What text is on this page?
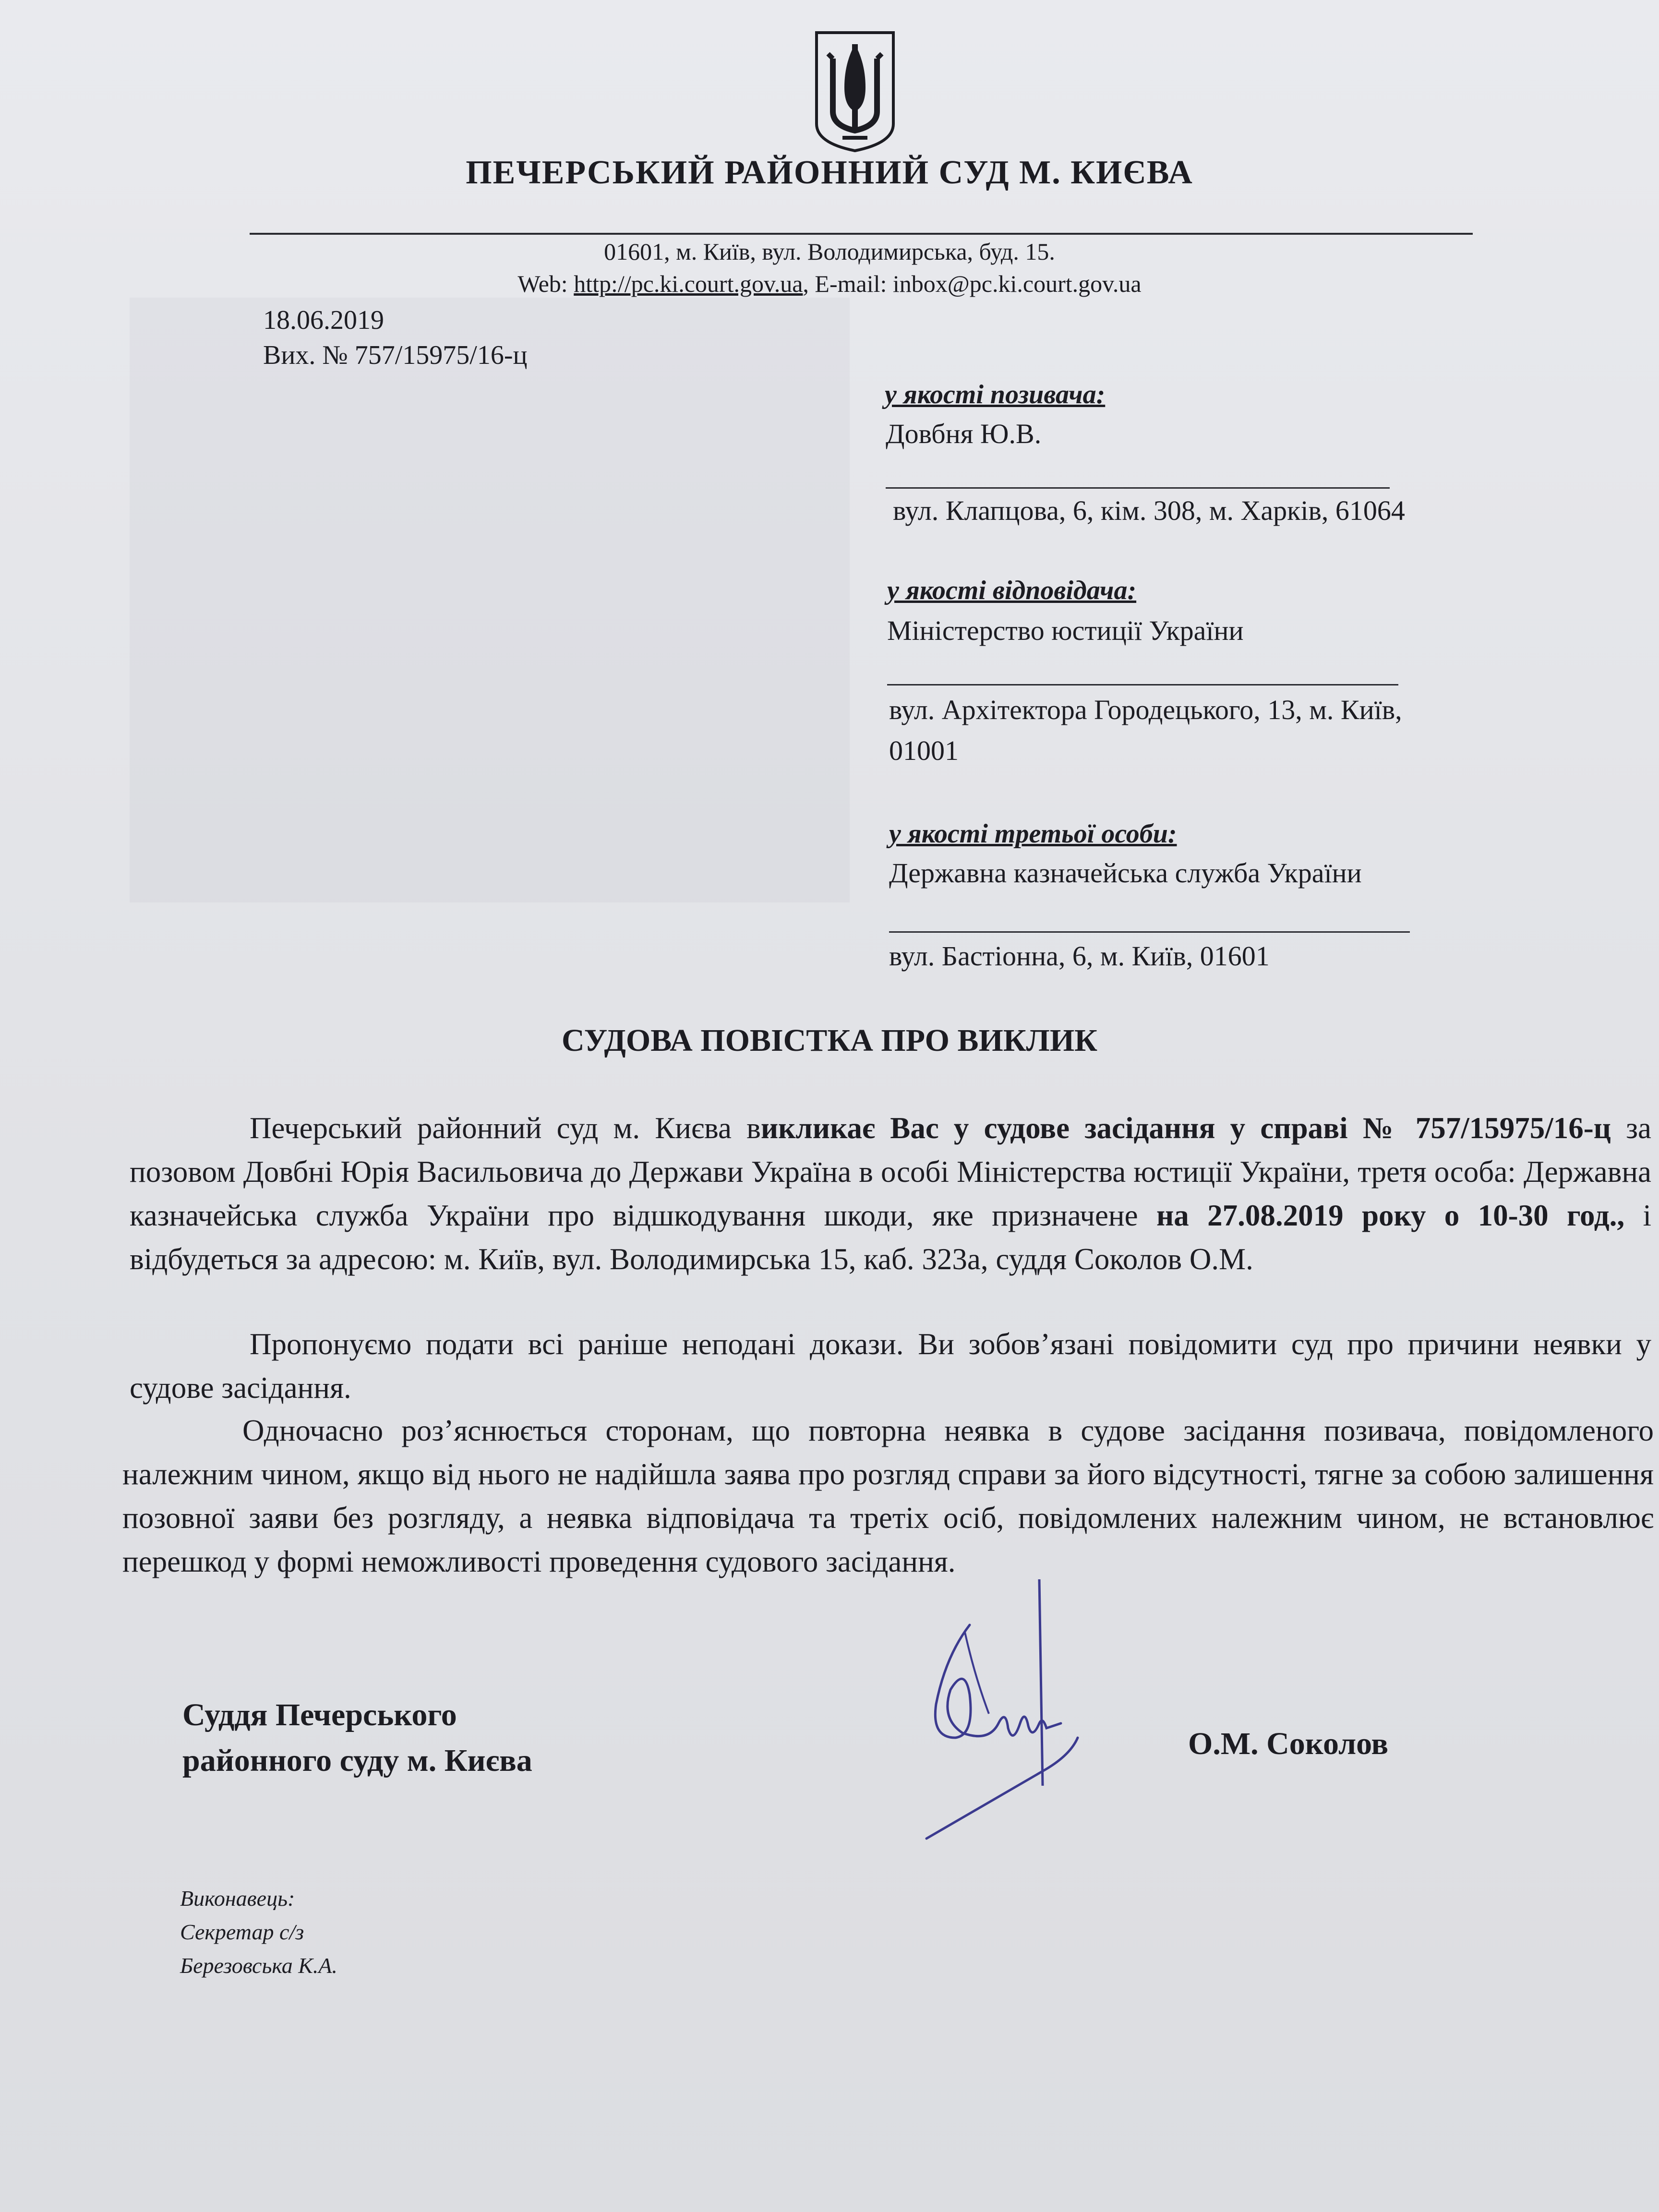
ПЕЧЕРСЬКИЙ РАЙОННИЙ СУД М. КИЄВА
01601, м. Київ, вул. Володимирська, буд. 15.
Web: http://pc.ki.court.gov.ua, E-mail: inbox@pc.ki.court.gov.ua
18.06.2019
Вих. № 757/15975/16-ц
у якості позивача:
Довбня Ю.В.
вул. Клапцова, 6, кім. 308, м. Харків, 61064
у якості відповідача:
Міністерство юстиції України
вул. Архітектора Городецького, 13, м. Київ,
01001
у якості третьої особи:
Державна казначейська служба України
вул. Бастіонна, 6, м. Київ, 01601
СУДОВА ПОВІСТКА ПРО ВИКЛИК
Печерський районний суд м. Києва викликає Вас у судове засідання у справі № 757/15975/16-ц за позовом Довбні Юрія Васильовича до Держави Україна в особі Міністерства юстиції України, третя особа: Державна казначейська служба України про відшкодування шкоди, яке призначене на 27.08.2019 року о 10-30 год., і відбудеться за адресою: м. Київ, вул. Володимирська 15, каб. 323а, суддя Соколов О.М.
Пропонуємо подати всі раніше неподані докази. Ви зобов’язані повідомити суд про причини неявки у судове засідання.
Одночасно роз’яснюється сторонам, що повторна неявка в судове засідання позивача, повідомленого належним чином, якщо від нього не надійшла заява про розгляд справи за його відсутності, тягне за собою залишення позовної заяви без розгляду, а неявка відповідача та третіх осіб, повідомлених належним чином, не встановлює перешкод у формі неможливості проведення судового засідання.
Суддя Печерського
районного суду м. Києва	О.М. Соколов
Виконавець:
Секретар с/з
Березовська К.А.
